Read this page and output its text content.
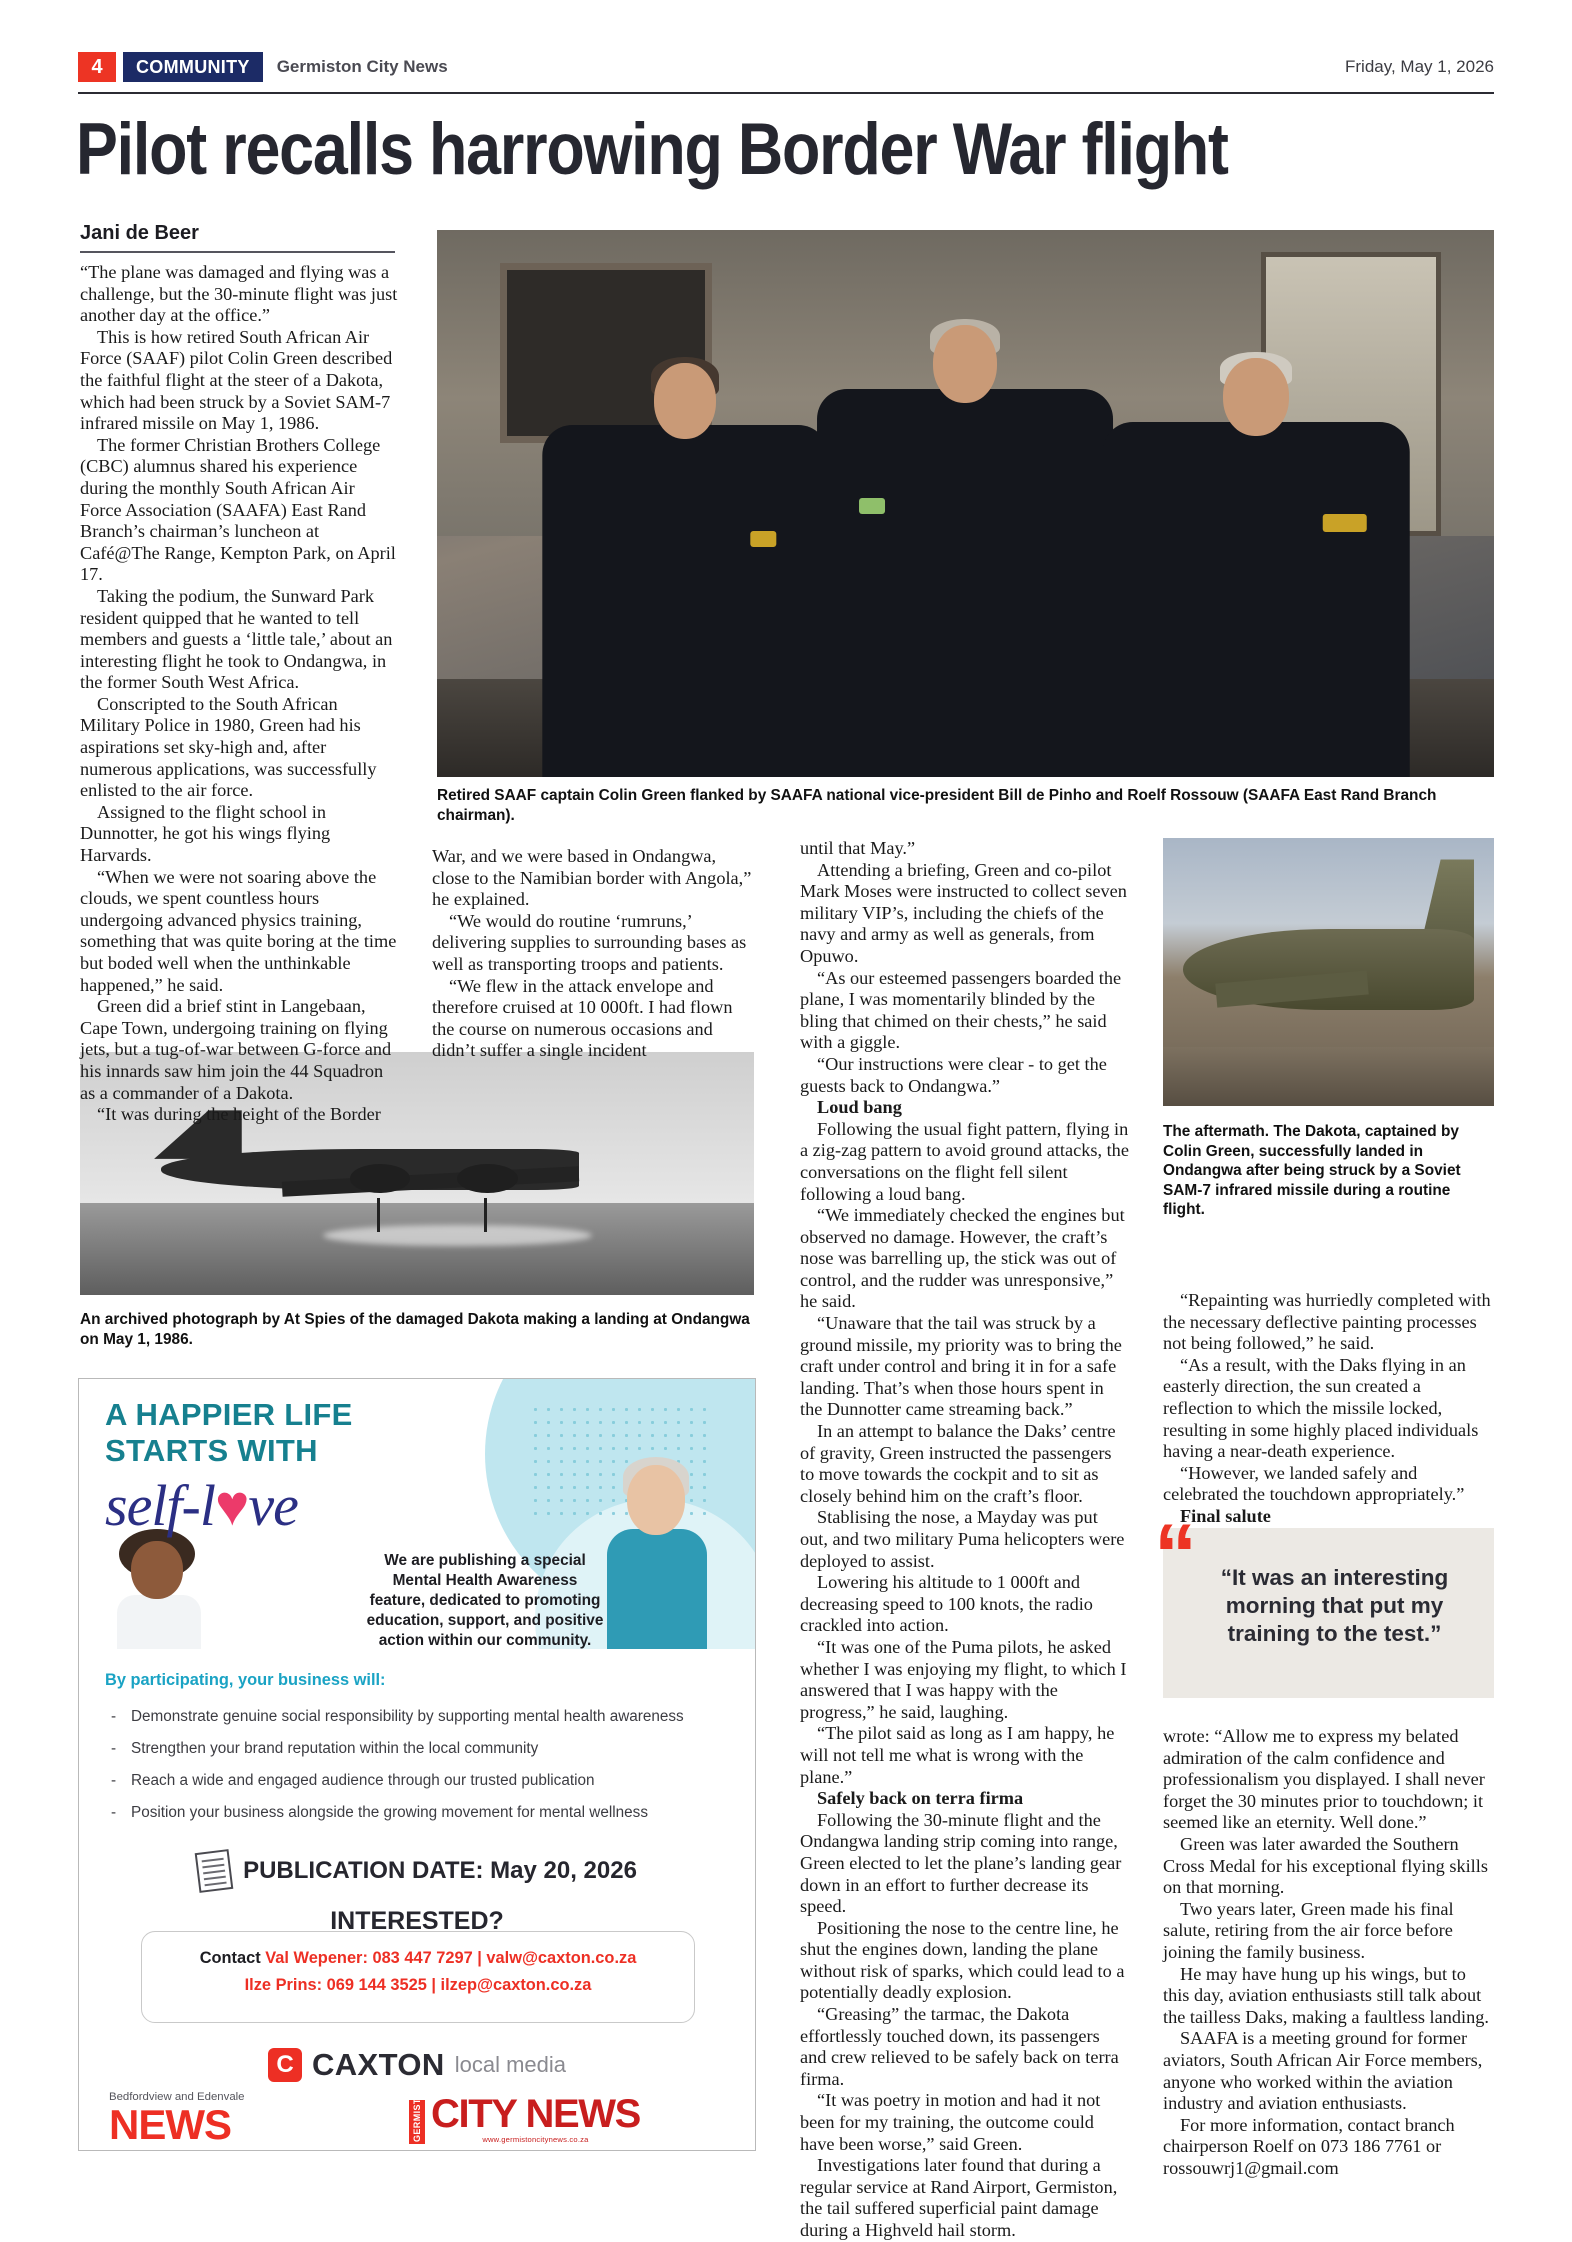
4	COMMUNITY	Germiston City News	Friday, May 1, 2026
Pilot recalls harrowing Border War flight
Jani de Beer
Retired SAAF captain Colin Green flanked by SAAFA national vice-president Bill de Pinho and Roelf Rossouw (SAAFA East Rand Branch chairman).
The aftermath. The Dakota, captained by Colin Green, successfully landed in Ondangwa after being struck by a Soviet SAM-7 infrared missile during a routine flight.
An archived photograph by At Spies of the damaged Dakota making a landing at Ondangwa on May 1, 1986.

“The plane was damaged and flying was a challenge, but the 30-minute flight was just another day at the office.”

This is how retired South African Air Force (SAAF) pilot Colin Green described the faithful flight at the steer of a Dakota, which had been struck by a Soviet SAM-7 infrared missile on May 1, 1986.

The former Christian Brothers College (CBC) alumnus shared his experience during the monthly South African Air Force Association (SAAFA) East Rand Branch’s chairman’s luncheon at Café@The Range, Kempton Park, on April 17.

Taking the podium, the Sunward Park resident quipped that he wanted to tell members and guests a ‘little tale,’ about an interesting flight he took to Ondangwa, in the former South West Africa.

Conscripted to the South African Military Police in 1980, Green had his aspirations set sky-high and, after numerous applications, was successfully enlisted to the air force.

Assigned to the flight school in Dunnotter, he got his wings flying Harvards.

“When we were not soaring above the clouds, we spent countless hours undergoing advanced physics training, something that was quite boring at the time but boded well when the unthinkable happened,” he said.

Green did a brief stint in Langebaan, Cape Town, undergoing training on flying jets, but a tug-of-war between G-force and his innards saw him join the 44 Squadron as a commander of a Dakota.

“It was during the height of the Border

War, and we were based in Ondangwa, close to the Namibian border with Angola,” he explained.

“We would do routine ‘rumruns,’ delivering supplies to surrounding bases as well as transporting troops and patients.

“We flew in the attack envelope and therefore cruised at 10 000ft. I had flown the course on numerous occasions and didn’t suffer a single incident

until that May.”

Attending a briefing, Green and co-pilot Mark Moses were instructed to collect seven military VIP’s, including the chiefs of the navy and army as well as generals, from Opuwo.

“As our esteemed passengers boarded the plane, I was momentarily blinded by the bling that chimed on their chests,” he said with a giggle.

“Our instructions were clear - to get the guests back to Ondangwa.”

Loud bang

Following the usual fight pattern, flying in a zig-zag pattern to avoid ground attacks, the conversations on the flight fell silent following a loud bang.

“We immediately checked the engines but observed no damage. However, the craft’s nose was barrelling up, the stick was out of control, and the rudder was unresponsive,” he said.

“Unaware that the tail was struck by a ground missile, my priority was to bring the craft under control and bring it in for a safe landing. That’s when those hours spent in the Dunnotter came streaming back.”

In an attempt to balance the Daks’ centre of gravity, Green instructed the passengers to move towards the cockpit and to sit as closely behind him on the craft’s floor.

Stablising the nose, a Mayday was put out, and two military Puma helicopters were deployed to assist.

Lowering his altitude to 1 000ft and decreasing speed to 100 knots, the radio crackled into action.

“It was one of the Puma pilots, he asked whether I was enjoying my flight, to which I answered that I was happy with the progress,” he said, laughing.

“The pilot said as long as I am happy, he will not tell me what is wrong with the plane.”

Safely back on terra firma

Following the 30-minute flight and the Ondangwa landing strip coming into range, Green elected to let the plane’s landing gear down in an effort to further decrease its speed.

Positioning the nose to the centre line, he shut the engines down, landing the plane without risk of sparks, which could lead to a potentially deadly explosion.

“Greasing” the tarmac, the Dakota effortlessly touched down, its passengers and crew relieved to be safely back on terra firma.

“It was poetry in motion and had it not been for my training, the outcome could have been worse,” said Green.

Investigations later found that during a regular service at Rand Airport, Germiston, the tail suffered superficial paint damage during a Highveld hail storm.

“Repainting was hurriedly completed with the necessary deflective painting processes not being followed,” he said.

“As a result, with the Daks flying in an easterly direction, the sun created a reflection to which the missile locked, resulting in some highly placed individuals having a near-death experience.

“However, we landed safely and celebrated the touchdown appropriately.”

Final salute

“	“It was an interesting morning that put my training to the test.”

wrote: “Allow me to express my belated admiration of the calm confidence and professionalism you displayed. I shall never forget the 30 minutes prior to touchdown; it seemed like an eternity. Well done.”

Green was later awarded the Southern Cross Medal for his exceptional flying skills on that morning.

Two years later, Green made his final salute, retiring from the air force before joining the family business.

He may have hung up his wings, but to this day, aviation enthusiasts still talk about the tailless Daks, making a faultless landing.

SAAFA is a meeting ground for former aviators, South African Air Force members, anyone who worked within the aviation industry and aviation enthusiasts.

For more information, contact branch chairperson Roelf on 073 186 7761 or rossouwrj1@gmail.com

A HAPPIER LIFE
STARTS WITH
self-l♥ve
We are publishing a special Mental Health Awareness feature, dedicated to promoting education, support, and positive action within our community.
By participating, your business will:
- Demonstrate genuine social responsibility by supporting mental health awareness
- Strengthen your brand reputation within the local community
- Reach a wide and engaged audience through our trusted publication
- Position your business alongside the growing movement for mental wellness
PUBLICATION DATE: May 20, 2026
INTERESTED?
Contact Val Wepener: 083 447 7297 | valw@caxton.co.za
Ilze Prins: 069 144 3525 | ilzep@caxton.co.za
C CAXTON local media
Bedfordview and Edenvale
NEWS	GERMISTON CITY NEWS
www.germistoncitynews.co.za
